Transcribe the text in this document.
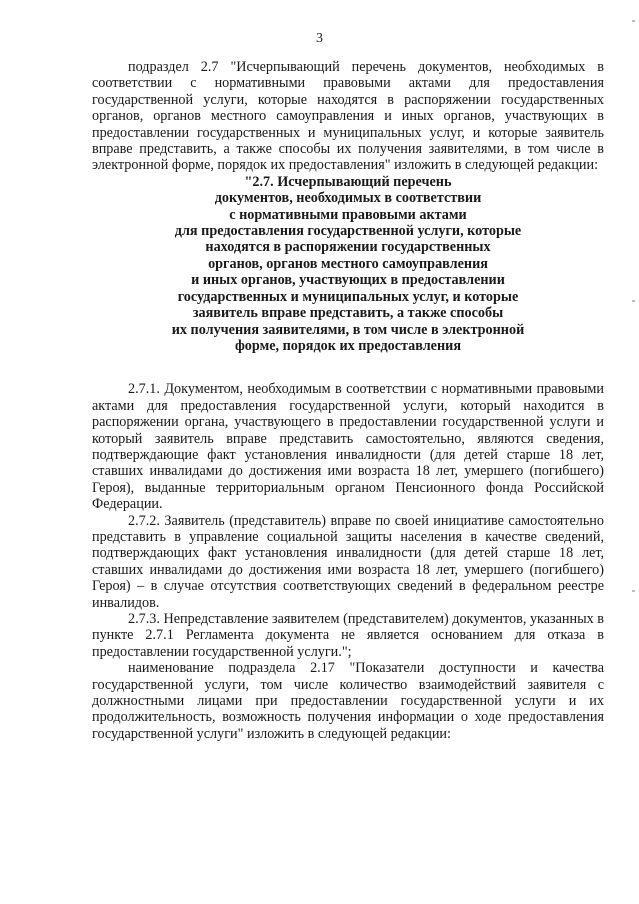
3

подраздел 2.7 "Исчерпывающий перечень документов, необходимых в соответствии с нормативными правовыми актами для предоставления государственной услуги, которые находятся в распоряжении государственных органов, органов местного самоуправления и иных органов, участвующих в предоставлении государственных и муниципальных услуг, и которые заявитель вправе представить, а также способы их получения заявителями, в том числе в электронной форме, порядок их предоставления" изложить в следующей редакции:

"2.7. Исчерпывающий перечень
документов, необходимых в соответствии
с нормативными правовыми актами
для предоставления государственной услуги, которые
находятся в распоряжении государственных
органов, органов местного самоуправления
и иных органов, участвующих в предоставлении
государственных и муниципальных услуг, и которые
заявитель вправе представить, а также способы
их получения заявителями, в том числе в электронной
форме, порядок их предоставления

2.7.1. Документом, необходимым в соответствии с нормативными правовыми актами для предоставления государственной услуги, который находится в распоряжении органа, участвующего в предоставлении государственной услуги и который заявитель вправе представить самостоятельно, являются сведения, подтверждающие факт установления инвалидности (для детей старше 18 лет, ставших инвалидами до достижения ими возраста 18 лет, умершего (погибшего) Героя), выданные территориальным органом Пенсионного фонда Российской Федерации.

2.7.2. Заявитель (представитель) вправе по своей инициативе самостоятельно представить в управление социальной защиты населения в качестве сведений, подтверждающих факт установления инвалидности (для детей старше 18 лет, ставших инвалидами до достижения ими возраста 18 лет, умершего (погибшего) Героя) – в случае отсутствия соответствующих сведений в федеральном реестре инвалидов.

2.7.3. Непредставление заявителем (представителем) документов, указанных в пункте 2.7.1 Регламента документа не является основанием для отказа в предоставлении государственной услуги.";

наименование подраздела 2.17 "Показатели доступности и качества государственной услуги, том числе количество взаимодействий заявителя с должностными лицами при предоставлении государственной услуги и их продолжительность, возможность получения информации о ходе предоставления государственной услуги" изложить в следующей редакции:
